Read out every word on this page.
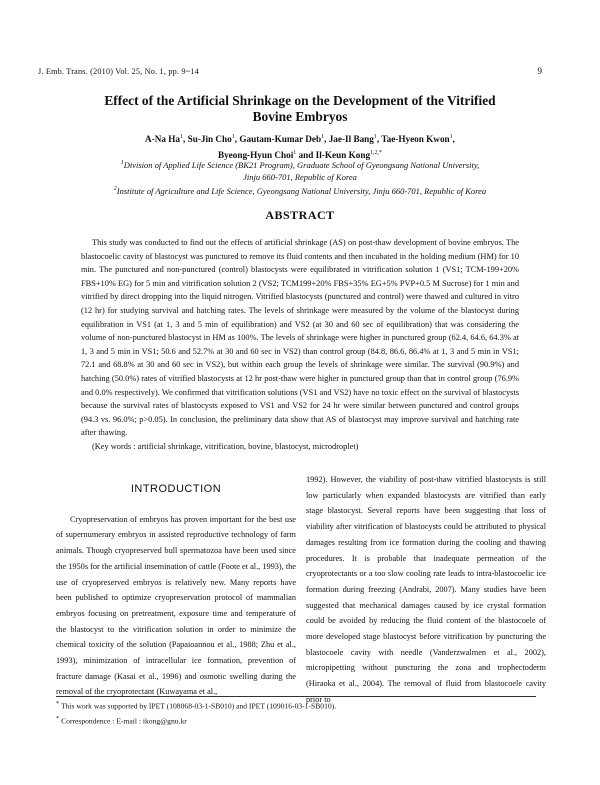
J. Emb. Trans. (2010) Vol. 25, No. 1, pp. 9~14	9
Effect of the Artificial Shrinkage on the Development of the Vitrified
Bovine Embryos
A-Na Ha$^1$, Su-Jin Cho$^1$, Gautam-Kumar Deb$^1$, Jae-Il Bang$^1$, Tae-Hyeon Kwon$^1$,
Byeong-Hyun Choi$^1$ and Il-Keun Kong$^{1,2,*}$
$^1$Division of Applied Life Science (BK21 Program), Graduate School of Gyeongsang National University,
Jinju 660-701, Republic of Korea
$^2$Institute of Agriculture and Life Science, Gyeongsang National University, Jinju 660-701, Republic of Korea
ABSTRACT

This study was conducted to find out the effects of artificial shrinkage (AS) on post-thaw development of bovine embryos. The blastocoelic cavity of blastocyst was punctured to remove its fluid contents and then incubated in the holding medium (HM) for 10 min. The punctured and non-punctured (control) blastocysts were equilibrated in vitrification solution 1 (VS1; TCM-199+20% FBS+10% EG) for 5 min and vitrification solution 2 (VS2; TCM199+20% FBS+35% EG+5% PVP+0.5 M Sucrose) for 1 min and vitrified by direct dropping into the liquid nitrogen. Vitrified blastocysts (punctured and control) were thawed and cultured in vitro (12 hr) for studying survival and hatching rates. The levels of shrinkage were measured by the volume of the blastocyst during equilibration in VS1 (at 1, 3 and 5 min of equilibration) and VS2 (at 30 and 60 sec of equilibration) that was considering the volume of non-punctured blastocyst in HM as 100%. The levels of shrinkage were higher in punctured group (62.4, 64.6, 64.3% at 1, 3 and 5 min in VS1; 50.6 and 52.7% at 30 and 60 sec in VS2) than control group (84.8, 86.6, 86.4% at 1, 3 and 5 min in VS1; 72.1 and 68.8% at 30 and 60 sec in VS2), but within each group the levels of shrinkage were similar. The survival (90.9%) and hatching (50.0%) rates of vitrified blastocysts at 12 hr post-thaw were higher in punctured group than that in control group (76.9% and 0.0% respectively). We confirmed that vitrification solutions (VS1 and VS2) have no toxic effect on the survival of blastocysts because the survival rates of blastocysts exposed to VS1 and VS2 for 24 hr were similar between punctured and control groups (94.3 vs. 96.0%; p>0.05). In conclusion, the preliminary data show that AS of blastocyst may improve survival and hatching rate after thawing.

(Key words : artificial shrinkage, vitrification, bovine, blastocyst, microdroplet)

INTRODUCTION

Cryopreservation of embryos has proven important for the best use of supernumerary embryos in assisted reproductive technology of farm animals. Though cryopreserved bull spermatozoa have been used since the 1950s for the artificial insemination of cattle (Foote et al., 1993), the use of cryopreserved embryos is relatively new. Many reports have been published to optimize cryopreservation protocol of mammalian embryos focusing on pretreatment, exposure time and temperature of the blastocyst to the vitrification solution in order to minimize the chemical toxicity of the solution (Papaioannou et al., 1988; Zhu et al., 1993), minimization of intracellular ice formation, prevention of fracture damage (Kasai et al., 1996) and osmotic swelling during the removal of the cryoprotectant (Kuwayama et al.,

1992). However, the viability of post-thaw vitrified blastocysts is still low particularly when expanded blastocysts are vitrified than early stage blastocyst. Several reports have been suggesting that loss of viability after vitrification of blastocysts could be attributed to physical damages resulting from ice formation during the cooling and thawing procedures. It is probable that inadequate permeation of the cryoprotectants or a too slow cooling rate leads to intra-blastocoelic ice formation during freezing (Andrabi, 2007). Many studies have been suggested that mechanical damages caused by ice crystal formation could be avoided by reducing the fluid content of the blastocoele of more developed stage blastocyst before vitrification by puncturing the blastocoele cavity with needle (Vanderzwalmen et al., 2002), micropipetting without puncturing the zona and trophectoderm (Hiraoka et al., 2004). The removal of fluid from blastocoele cavity prior to

* This work was supported by IPET (108068-03-1-SB010) and IPET (109016-03-1-SB010).

* Correspondence : E-mail : ikong@gnu.kr
